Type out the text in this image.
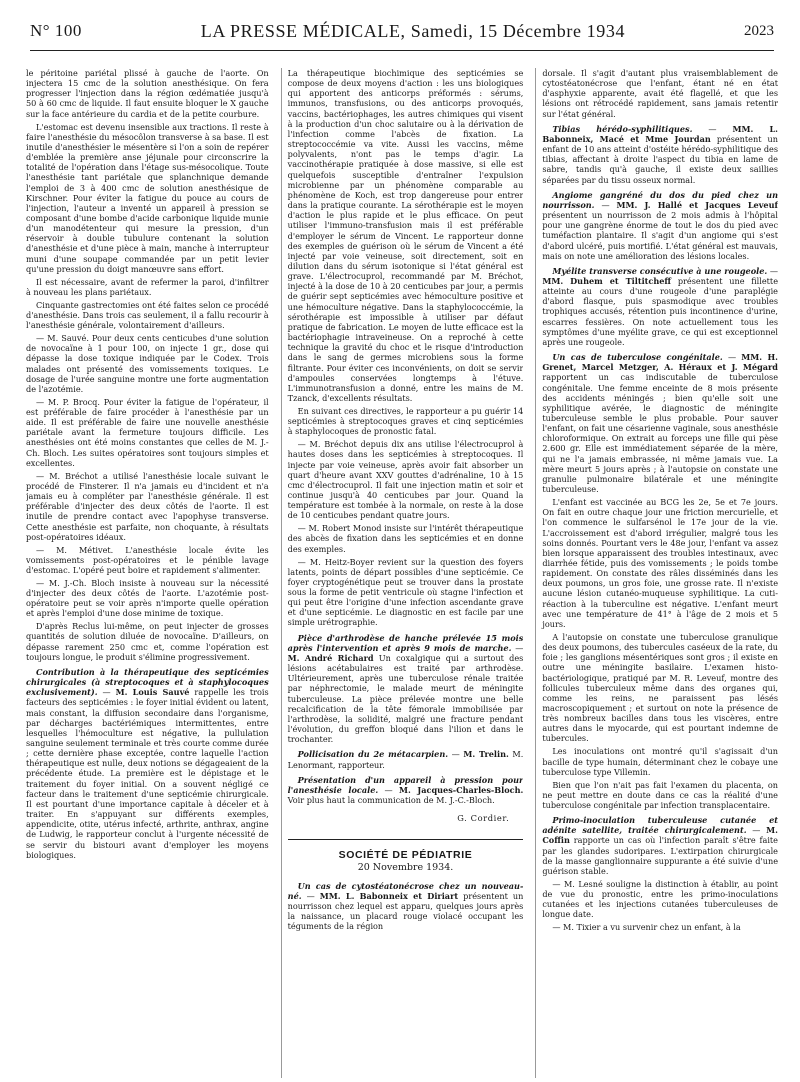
N° 100	LA PRESSE MÉDICALE, Samedi, 15 Décembre 1934	2023

le péritoine pariétal plissé à gauche de l'aorte. On injectera 15 cmc de la solution anesthésique. On fera progresser l'injection dans la région œdématiée jusqu'à 50 à 60 cmc de liquide. Il faut ensuite bloquer le X gauche sur la face antérieure du cardia et de la petite courbure.

L'estomac est devenu insensible aux tractions. Il reste à faire l'anesthésie du mésocôlon transverse à sa base. Il est inutile d'anesthésier le mésentère si l'on a soin de repérer d'emblée la première anse jéjunale pour circonscrire la totalité de l'opération dans l'étage sus-mésocolique. Toute l'anesthésie tant pariétale que splanchnique demande l'emploi de 3 à 400 cmc de solution anesthésique de Kirschner. Pour éviter la fatigue du pouce au cours de l'injection, l'auteur a inventé un appareil à pression se composant d'une bombe d'acide carbonique liquide munie d'un manodétenteur qui mesure la pression, d'un réservoir à double tubulure contenant la solution d'anesthésie et d'une pièce à main, manche à interrupteur muni d'une soupape commandée par un petit levier qu'une pression du doigt manœuvre sans effort.

Il est nécessaire, avant de refermer la paroi, d'infiltrer à nouveau les plans pariétaux.

Cinquante gastrectomies ont été faites selon ce procédé d'anesthésie. Dans trois cas seulement, il a fallu recourir à l'anesthésie générale, volontairement d'ailleurs.

— M. Sauvé. Pour deux cents centicubes d'une solution de novocaïne à 1 pour 100, on injecte 1 gr., dose qui dépasse la dose toxique indiquée par le Codex. Trois malades ont présenté des vomissements toxiques. Le dosage de l'urée sanguine montre une forte augmentation de l'azotémie.

— M. P. Brocq. Pour éviter la fatigue de l'opérateur, il est préférable de faire procéder à l'anesthésie par un aide. Il est préférable de faire une nouvelle anesthésie pariétale avant la fermeture toujours difficile. Les anesthésies ont été moins constantes que celles de M. J.-Ch. Bloch. Les suites opératoires sont toujours simples et excellentes.

— M. Bréchot a utilisé l'anesthésie locale suivant le procédé de Finsterer. Il n'a jamais eu d'incident et n'a jamais eu à compléter par l'anesthésie générale. Il est préférable d'injecter des deux côtés de l'aorte. Il est inutile de prendre contact avec l'apophyse transverse. Cette anesthésie est parfaite, non choquante, à résultats post-opératoires idéaux.

— M. Métivet. L'anesthésie locale évite les vomissements post-opératoires et le pénible lavage d'estomac. L'opéré peut boire et rapidement s'alimenter.

— M. J.-Ch. Bloch insiste à nouveau sur la nécessité d'injecter des deux côtés de l'aorte. L'azotémie post-opératoire peut se voir après n'importe quelle opération et après l'emploi d'une dose minime de toxique.

D'après Reclus lui-même, on peut injecter de grosses quantités de solution diluée de novocaïne. D'ailleurs, on dépasse rarement 250 cmc et, comme l'opération est toujours longue, le produit s'élimine progressivement.

Contribution à la thérapeutique des septicémies chirurgicales (à streptocoques et à staphylocoques exclusivement). — M. Louis Sauvé rappelle les trois facteurs des septicémies : le foyer initial évident ou latent, mais constant, la diffusion secondaire dans l'organisme, par décharges bactériémiques intermittentes, entre lesquelles l'hémoculture est négative, la pullulation sanguine seulement terminale et très courte comme durée ; cette dernière phase exceptée, contre laquelle l'action thérapeutique est nulle, deux notions se dégageaient de la précédente étude. La première est le dépistage et le traitement du foyer initial. On a souvent négligé ce facteur dans le traitement d'une septicémie chirurgicale. Il est pourtant d'une importance capitale à déceler et à traiter. En s'appuyant sur différents exemples, appendicite, otite, utérus infecté, arthrite, anthrax, angine de Ludwig, le rapporteur conclut à l'urgente nécessité de se servir du bistouri avant d'employer les moyens biologiques.

La thérapeutique biochimique des septicémies se compose de deux moyens d'action : les uns biologiques qui apportent des anticorps préformés : sérums, immunos, transfusions, ou des anticorps provoqués, vaccins, bactériophages, les autres chimiques qui visent à la production d'un choc salutaire ou à la dérivation de l'infection comme l'abcès de fixation. La streptococcémie va vite. Aussi les vaccins, même polyvalents, n'ont pas le temps d'agir. La vaccinothérapie pratiquée à dose massive, si elle est quelquefois susceptible d'entraîner l'expulsion microbienne par un phénomène comparable au phénomène de Koch, est trop dangereuse pour entrer dans la pratique courante. La sérothérapie est le moyen d'action le plus rapide et le plus efficace. On peut utiliser l'immuno-transfusion mais il est préférable d'employer le sérum de Vincent. Le rapporteur donne des exemples de guérison où le sérum de Vincent a été injecté par voie veineuse, soit directement, soit en dilution dans du sérum isotonique si l'état général est grave. L'électrocuprol, recommandé par M. Bréchot, injecté à la dose de 10 à 20 centicubes par jour, a permis de guérir sept septicémies avec hémoculture positive et une hémoculture négative. Dans la staphylococcémie, la sérothérapie est impossible à utiliser par défaut pratique de fabrication. Le moyen de lutte efficace est la bactériophagie intraveineuse. On a reproché à cette technique la gravité du choc et le risque d'introduction dans le sang de germes microbiens sous la forme filtrante. Pour éviter ces inconvénients, on doit se servir d'ampoules conservées longtemps à l'étuve. L'immunotransfusion a donné, entre les mains de M. Tzanck, d'excellents résultats.

En suivant ces directives, le rapporteur a pu guérir 14 septicémies à streptocoques graves et cinq septicémies à staphylocoques de pronostic fatal.

— M. Bréchot depuis dix ans utilise l'électrocuprol à hautes doses dans les septicémies à streptocoques. Il injecte par voie veineuse, après avoir fait absorber un quart d'heure avant XXV gouttes d'adrénaline, 10 à 15 cmc d'électrocuprol. Il fait une injection matin et soir et continue jusqu'à 40 centicubes par jour. Quand la température est tombée à la normale, on reste à la dose de 10 centicubes pendant quatre jours.

— M. Robert Monod insiste sur l'intérêt thérapeutique des abcès de fixation dans les septicémies et en donne des exemples.

— M. Heitz-Boyer revient sur la question des foyers latents, points de départ possibles d'une septicémie. Ce foyer cryptogénétique peut se trouver dans la prostate sous la forme de petit ventricule où stagne l'infection et qui peut être l'origine d'une infection ascendante grave et d'une septicémie. Le diagnostic en est facile par une simple urétrographie.

Pièce d'arthrodèse de hanche prélevée 15 mois après l'intervention et après 9 mois de marche. — M. André Richard Un coxalgique qui a surtout des lésions acétabulaires est traité par arthrodèse. Ultérieurement, après une tuberculose rénale traitée par néphrectomie, le malade meurt de méningite tuberculeuse. La pièce prélevée montre une belle recalcification de la tête fémorale immobilisée par l'arthrodèse, la solidité, malgré une fracture pendant l'évolution, du greffon bloqué dans l'ilion et dans le trochanter.

Pollicisation du 2e métacarpien. — M. Trelin. M. Lenormant, rapporteur.

Présentation d'un appareil à pression pour l'anesthésie locale. — M. Jacques-Charles-Bloch. Voir plus haut la communication de M. J.-C.-Bloch.

G. Cordier.
SOCIÉTÉ DE PÉDIATRIE
20 Novembre 1934.

Un cas de cytostéatonécrose chez un nouveau-né. — MM. L. Babonneix et Diriart présentent un nourrisson chez lequel est apparu, quelques jours après la naissance, un placard rouge violacé occupant les téguments de la région

dorsale. Il s'agit d'autant plus vraisemblablement de cytostéatonécrose que l'enfant, étant né en état d'asphyxie apparente, avait été flagellé, et que les lésions ont rétrocédé rapidement, sans jamais retentir sur l'état général.

Tibias hérédo-syphilitiques. — MM. L. Babonneix, Macé et Mme Jourdan présentent un enfant de 10 ans atteint d'ostéite hérédo-syphilitique des tibias, affectant à droite l'aspect du tibia en lame de sabre, tandis qu'à gauche, il existe deux saillies séparées par du tissu osseux normal.

Angiome gangréné du dos du pied chez un nourrisson. — MM. J. Hallé et Jacques Leveuf présentent un nourrisson de 2 mois admis à l'hôpital pour une gangrène énorme de tout le dos du pied avec tuméfaction plantaire. Il s'agit d'un angiome qui s'est d'abord ulcéré, puis mortifié. L'état général est mauvais, mais on note une amélioration des lésions locales.

Myélite transverse consécutive à une rougeole. — MM. Duhem et Tiltitcheff présentent une fillette atteinte au cours d'une rougeole d'une paraplégie d'abord flasque, puis spasmodique avec troubles trophiques accusés, rétention puis incontinence d'urine, escarres fessières. On note actuellement tous les symptômes d'une myélite grave, ce qui est exceptionnel après une rougeole.

Un cas de tuberculose congénitale. — MM. H. Grenet, Marcel Metzger, A. Héraux et J. Mégard rapportent un cas indiscutable de tuberculose congénitale. Une femme enceinte de 8 mois présente des accidents méningés ; bien qu'elle soit une syphilitique avérée, le diagnostic de méningite tuberculeuse semble le plus probable. Pour sauver l'enfant, on fait une césarienne vaginale, sous anesthésie chloroformique. On extrait au forceps une fille qui pèse 2.600 gr. Elle est immédiatement séparée de la mère, qui ne l'a jamais embrassée, ni même jamais vue. La mère meurt 5 jours après ; à l'autopsie on constate une granulie pulmonaire bilatérale et une méningite tuberculeuse.

L'enfant est vaccinée au BCG les 2e, 5e et 7e jours. On fait en outre chaque jour une friction mercurielle, et l'on commence le sulfarsénol le 17e jour de la vie. L'accroissement est d'abord irrégulier, malgré tous les soins donnés. Pourtant vers le 48e jour, l'enfant va assez bien lorsque apparaissent des troubles intestinaux, avec diarrhée fétide, puis des vomissements ; le poids tombe rapidement. On constate des râles disséminés dans les deux poumons, un gros foie, une grosse rate. Il n'existe aucune lésion cutanéo-muqueuse syphilitique. La cuti-réaction à la tuberculine est négative. L'enfant meurt avec une température de 41° à l'âge de 2 mois et 5 jours.

A l'autopsie on constate une tuberculose granulique des deux poumons, des tubercules caséeux de la rate, du foie ; les ganglions mésentériques sont gros ; il existe en outre une méningite basilaire. L'examen histo-bactériologique, pratiqué par M. R. Leveuf, montre des follicules tuberculeux même dans des organes qui, comme les reins, ne paraissent pas lésés macroscopiquement ; et surtout on note la présence de très nombreux bacilles dans tous les viscères, entre autres dans le myocarde, qui est pourtant indemne de tubercules.

Les inoculations ont montré qu'il s'agissait d'un bacille de type humain, déterminant chez le cobaye une tuberculose type Villemin.

Bien que l'on n'ait pas fait l'examen du placenta, on ne peut mettre en doute dans ce cas la réalité d'une tuberculose congénitale par infection transplacentaire.

Primo-inoculation tuberculeuse cutanée et adénite satellite, traitée chirurgicalement. — M. Coffin rapporte un cas où l'infection paraît s'être faite par les glandes sudoripares. L'extirpation chirurgicale de la masse ganglionnaire suppurante a été suivie d'une guérison stable.

— M. Lesné souligne la distinction à établir, au point de vue du pronostic, entre les primo-inoculations cutanées et les injections cutanées tuberculeuses de longue date.

— M. Tixier a vu survenir chez un enfant, à la
